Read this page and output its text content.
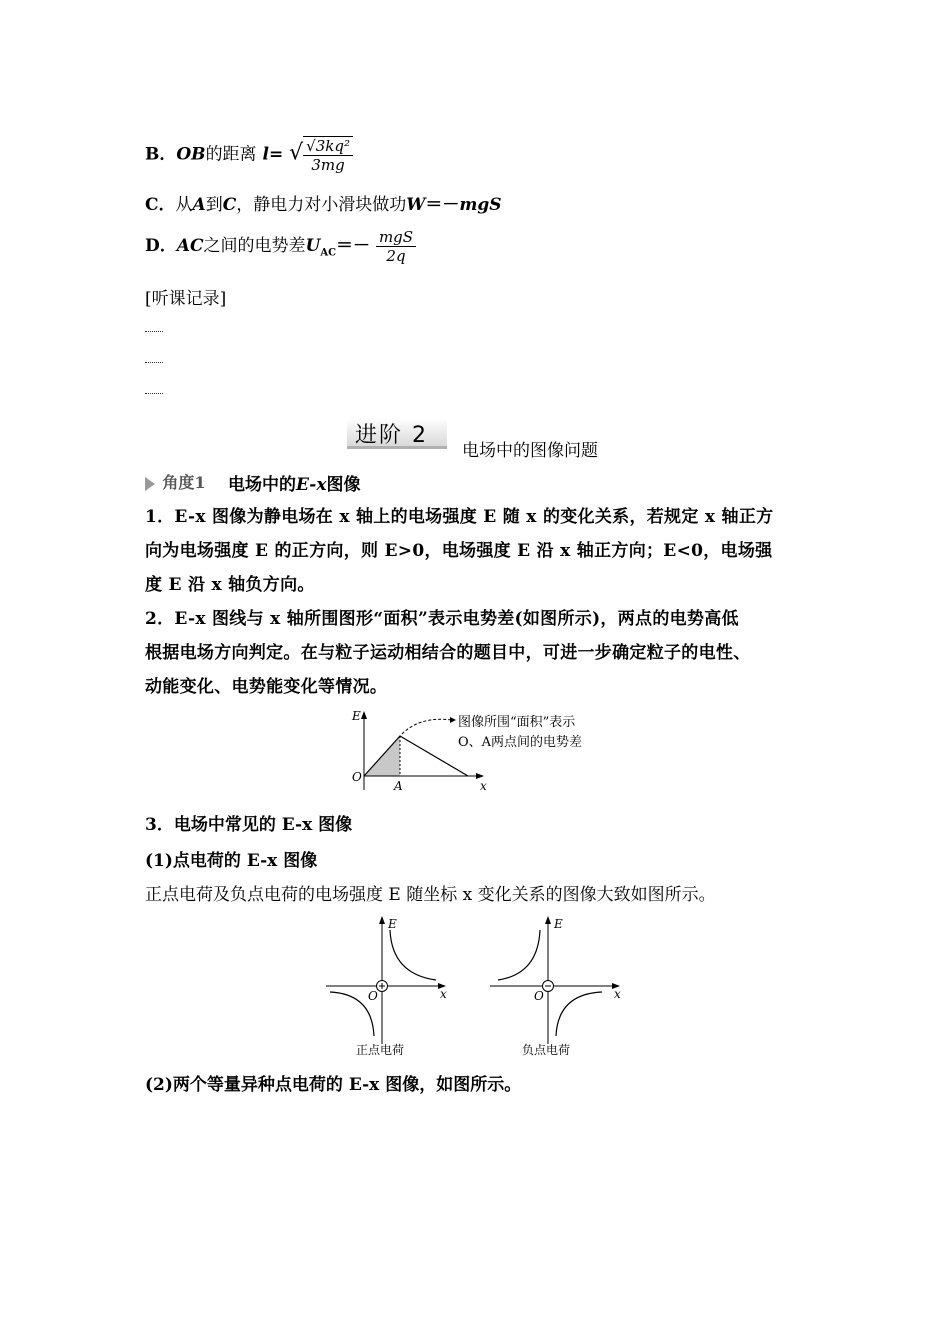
B．OB的距离 l= √ $\frac{\text{√3kq²}}{3mg}$
C．从A到C，静电力对小滑块做功W＝－mgS
D．AC之间的电势差$U_{AC}=- \frac{\text{mgS}}{2q}$
[听课记录]
进阶 2
电场中的图像问题
角度1 电场中的E-x图像
1．E-x 图像为静电场在 x 轴上的电场强度 E 随 x 的变化关系，若规定 x 轴正方
向为电场强度 E 的正方向，则 E>0，电场强度 E 沿 x 轴正方向；E<0，电场强
度 E 沿 x 轴负方向。
2．E-x 图线与 x 轴所围图形“面积”表示电势差(如图所示)，两点的电势高低
根据电场方向判定。在与粒子运动相结合的题目中，可进一步确定粒子的电性、
动能变化、电势能变化等情况。
E
O
A	x
图像所围“面积”表示
O、A两点间的电势差
3．电场中常见的 E-x 图像
(1)点电荷的 E-x 图像
正点电荷及负点电荷的电场强度 E 随坐标 x 变化关系的图像大致如图所示。
E
O	x
正点电荷
E
O	x
负点电荷
(2)两个等量异种点电荷的 E-x 图像，如图所示。
